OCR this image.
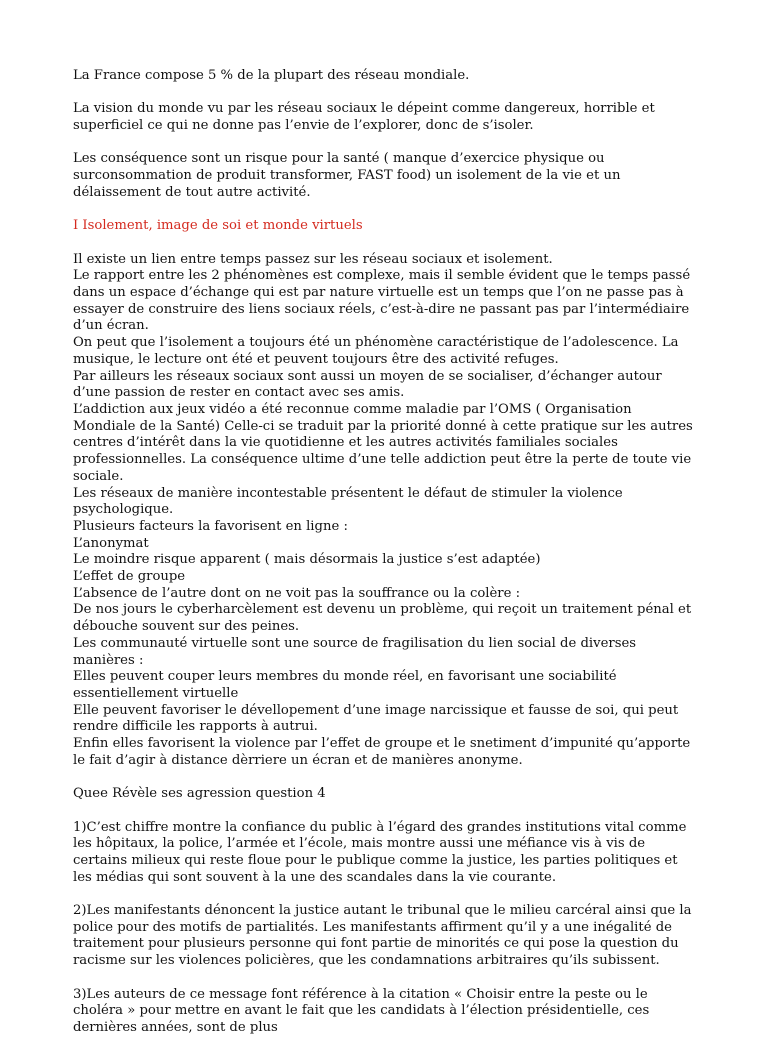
La France compose 5 % de la plupart des réseau mondiale.

La vision du monde vu par les réseau sociaux le dépeint comme dangereux, horrible et superficiel ce qui ne donne pas l’envie de l’explorer, donc de s’isoler.

Les conséquence sont un risque pour la santé ( manque d’exercice physique ou surconsommation de produit transformer, FAST food) un isolement de la vie et un délaissement de tout autre activité.

I Isolement, image de soi et monde virtuels

Il existe un lien entre temps passez sur les réseau sociaux et isolement.

Le rapport entre les 2 phénomènes est complexe, mais il semble évident que le temps passé dans un espace d’échange qui est par nature virtuelle est un temps que l’on ne passe pas à essayer de construire des liens sociaux réels, c’est-à-dire ne passant pas par l’intermédiaire d’un écran.

On peut que l’isolement a toujours été un phénomène caractéristique de l’adolescence. La musique, le lecture ont été et peuvent toujours être des activité refuges.

Par ailleurs les réseaux sociaux sont aussi un moyen de se socialiser, d’échanger autour d’une passion de rester en contact avec ses amis.

L’addiction aux jeux vidéo a été reconnue comme maladie par l’OMS ( Organisation Mondiale de la Santé) Celle-ci se traduit par la priorité donné à cette pratique sur les autres centres d’intérêt dans la vie quotidienne et les autres activités familiales sociales professionnelles. La conséquence ultime d’une telle addiction peut être la perte de toute vie sociale.

Les réseaux de manière incontestable présentent le défaut de stimuler la violence psychologique.

Plusieurs facteurs la favorisent en ligne :

L’anonymat

Le moindre risque apparent ( mais désormais la justice s’est adaptée)

L’effet de groupe

L’absence de l’autre dont on ne voit pas la souffrance ou la colère :

De nos jours le cyberharcèlement est devenu un problème, qui reçoit un traitement pénal et débouche souvent sur des peines.

Les communauté virtuelle sont une source de fragilisation du lien social de diverses manières :

Elles peuvent couper leurs membres du monde réel, en favorisant une sociabilité essentiellement virtuelle

Elle peuvent favoriser le dévellopement d’une image narcissique et fausse de soi, qui peut rendre difficile les rapports à autrui.

Enfin elles favorisent la violence par l’effet de groupe et le snetiment d’impunité qu’apporte le fait d’agir à distance dèrriere un écran et de manières anonyme.

Quee Révèle ses agression question 4

1)C’est chiffre montre la confiance du public à l’égard des grandes institutions vital comme les hôpitaux, la police, l’armée et l’école, mais montre aussi une méfiance vis à vis de certains milieux qui reste floue pour le publique comme la justice, les parties politiques et les médias qui sont souvent à la une des scandales dans la vie courante.

2)Les manifestants dénoncent la justice autant le tribunal que le milieu carcéral ainsi que la police pour des motifs de partialités. Les manifestants affirment qu’il y a une inégalité de traitement pour plusieurs personne qui font partie de minorités ce qui pose la question du racisme sur les violences policières, que les condamnations arbitraires qu’ils subissent.

3)Les auteurs de ce message font référence à la citation « Choisir entre la peste ou le choléra » pour mettre en avant le fait que les candidats à l’élection présidentielle, ces dernières années, sont de plus
